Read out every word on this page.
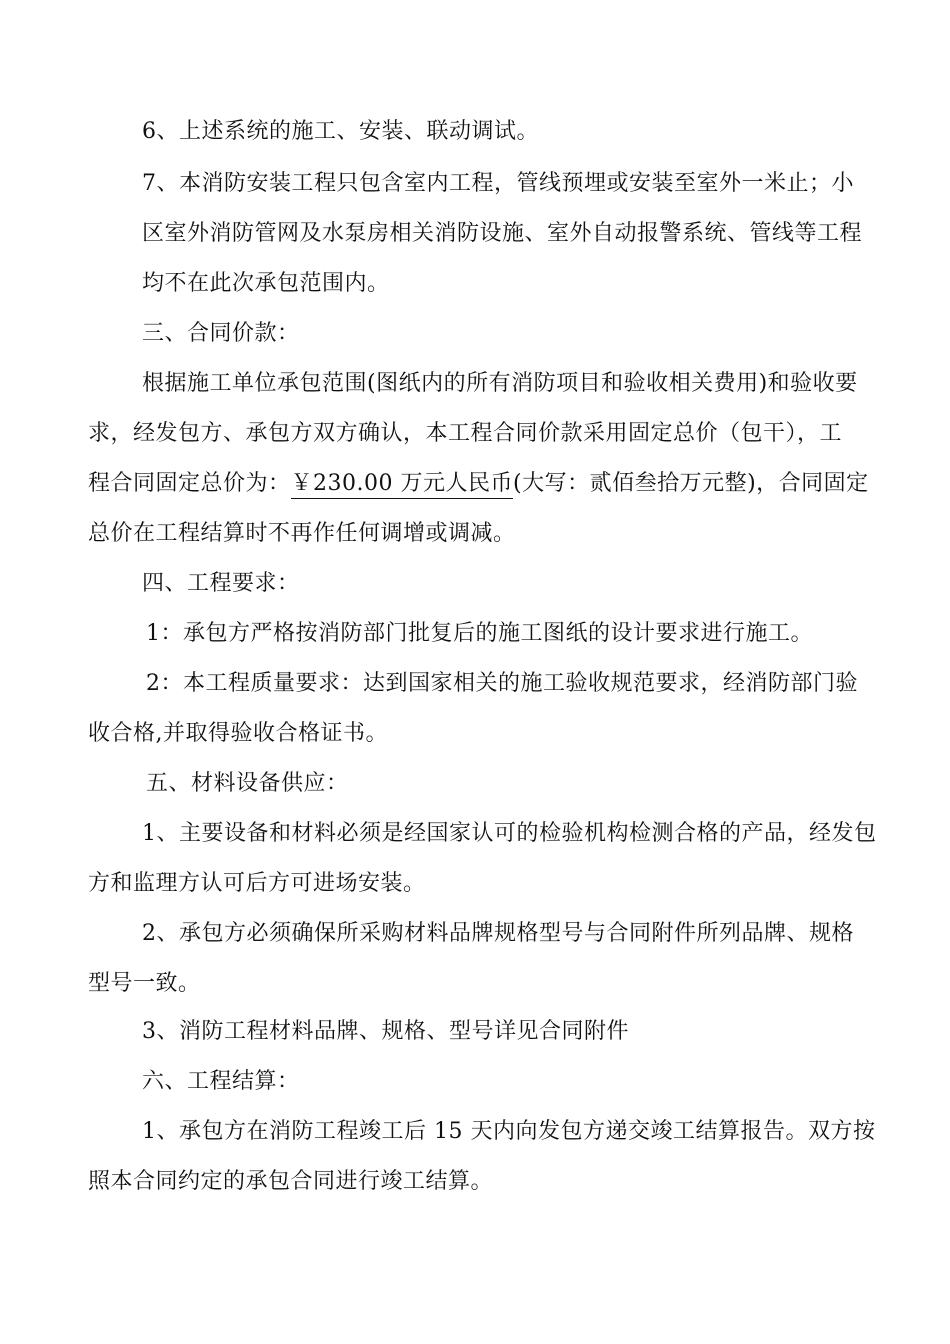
6、上述系统的施工、安装、联动调试。
7、本消防安装工程只包含室内工程，管线预埋或安装至室外一米止；小
区室外消防管网及水泵房相关消防设施、室外自动报警系统、管线等工程
均不在此次承包范围内。
三、合同价款：
根据施工单位承包范围(图纸内的所有消防项目和验收相关费用)和验收要
求，经发包方、承包方双方确认，本工程合同价款采用固定总价（包干），工
程合同固定总价为：￥230.00 万元人民币(大写：贰佰叁拾万元整)，合同固定
总价在工程结算时不再作任何调增或调减。
四、工程要求：
1：承包方严格按消防部门批复后的施工图纸的设计要求进行施工。
2：本工程质量要求：达到国家相关的施工验收规范要求，经消防部门验
收合格,并取得验收合格证书。
五、材料设备供应：
1、主要设备和材料必须是经国家认可的检验机构检测合格的产品，经发包
方和监理方认可后方可进场安装。
2、承包方必须确保所采购材料品牌规格型号与合同附件所列品牌、规格
型号一致。
3、消防工程材料品牌、规格、型号详见合同附件
六、工程结算：
1、承包方在消防工程竣工后 15 天内向发包方递交竣工结算报告。双方按
照本合同约定的承包合同进行竣工结算。
